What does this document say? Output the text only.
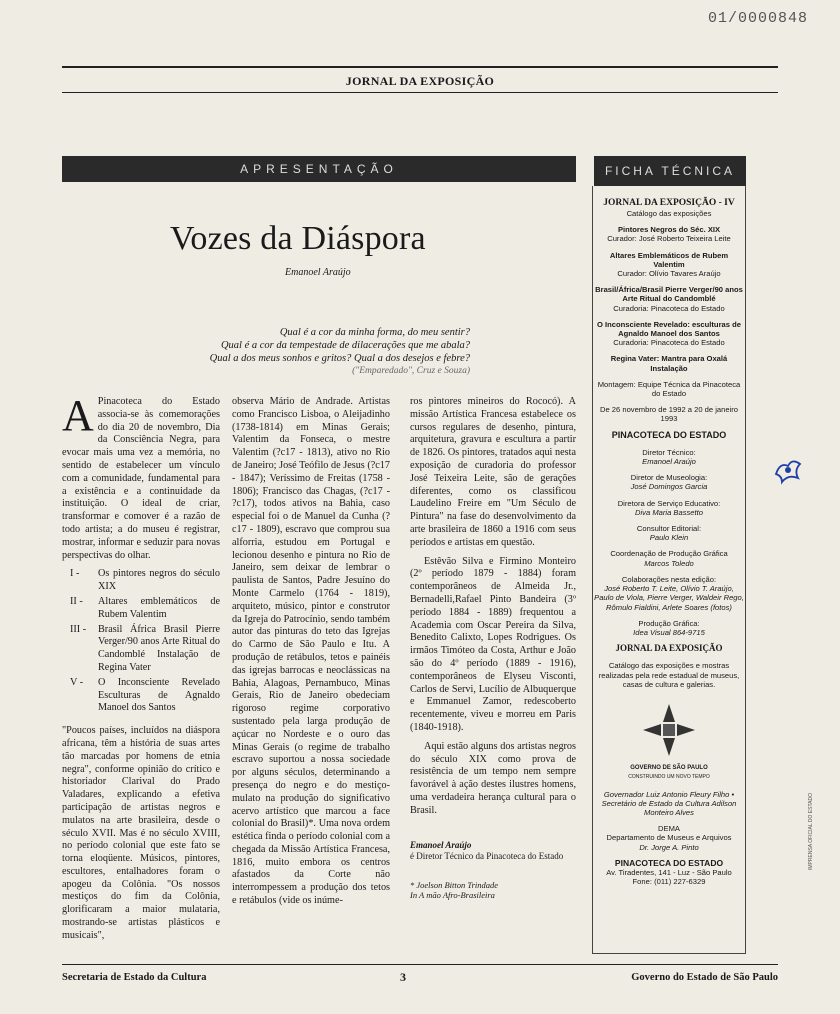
01/0000848
JORNAL DA EXPOSIÇÃO
APRESENTAÇÃO	FICHA TÉCNICA
Vozes da Diáspora
Emanoel Araújo
Qual é a cor da minha forma, do meu sentir?
Qual é a cor da tempestade de dilacerações que me abala?
Qual a dos meus sonhos e gritos? Qual a dos desejos e febre?
("Emparedado", Cruz e Souza)

A Pinacoteca do Estado associa-se às comemorações do dia 20 de novembro, Dia da Consciência Negra, para evocar mais uma vez a memória, no sentido de estabelecer um vínculo com a comunidade, fundamental para a existência e a continuidade da instituição. O ideal de criar, transformar e comover é a razão de todo artista; a do museu é registrar, mostrar, informar e seduzir para novas perspectivas do olhar.

I - Os pintores negros do século XIX
II - Altares emblemáticos de Rubem Valentim
III - Brasil África Brasil Pierre Verger/90 anos Arte Ritual do Candomblé Instalação de Regina Vater
V - O Inconsciente Revelado Esculturas de Agnaldo Manoel dos Santos

"Poucos países, incluídos na diáspora africana, têm a história de suas artes tão marcadas por homens de etnia negra", conforme opinião do crítico e historiador Clarival do Prado Valadares, explicando a efetiva participação de artistas negros e mulatos na arte brasileira, desde o século XVII. Mas é no século XVIII, no período colonial que este fato se torna eloqüente. Músicos, pintores, escultores, entalhadores foram o apogeu da Colônia. "Os nossos mestiços do fim da Colônia, glorificaram a maior mulataria, mostrando-se artistas plásticos e musicais",

observa Mário de Andrade. Artistas como Francisco Lisboa, o Aleijadinho (1738-1814) em Minas Gerais; Valentim da Fonseca, o mestre Valentim (?c17 - 1813), ativo no Rio de Janeiro; José Teófilo de Jesus (?c17 - 1847); Veríssimo de Freitas (1758 - 1806); Francisco das Chagas, (?c17 - ?c17), todos ativos na Bahia, caso especial foi o de Manuel da Cunha (?c17 - 1809), escravo que comprou sua alforria, estudou em Portugal e lecionou desenho e pintura no Rio de Janeiro, sem deixar de lembrar o paulista de Santos, Padre Jesuíno do Monte Carmelo (1764 - 1819), arquiteto, músico, pintor e construtor da Igreja do Patrocínio, sendo também autor das pinturas do teto das Igrejas do Carmo de São Paulo e Itu. A produção de retábulos, tetos e painéis das igrejas barrocas e neoclássicas na Bahia, Alagoas, Pernambuco, Minas Gerais, Rio de Janeiro obedeciam rigoroso regime corporativo sustentado pela larga produção de açúcar no Nordeste e o ouro das Minas Gerais (o regime de trabalho escravo suportou a nossa sociedade por alguns séculos, determinando a presença do negro e do mestiço-mulato na produção do significativo acervo artístico que marcou a face colonial do Brasil)*. Uma nova ordem estética finda o período colonial com a chegada da Missão Artística Francesa, 1816, muito embora os centros afastados da Corte não interrompessem a produção dos tetos e retábulos (vide os inúme-

ros pintores mineiros do Rococó). A missão Artística Francesa estabelece os cursos regulares de desenho, pintura, arquitetura, gravura e escultura a partir de 1826. Os pintores, tratados aqui nesta exposição de curadoria do professor José Teixeira Leite, são de gerações diferentes, como os classificou Laudelino Freire em "Um Século de Pintura" na fase do desenvolvimento da arte brasileira de 1860 a 1916 com seus períodos e artistas em questão.

Estêvão Silva e Firmino Monteiro (2º período 1879 - 1884) foram contemporâneos de Almeida Jr., Bernadelli,Rafael Pinto Bandeira (3º período 1884 - 1889) frequentou a Academia com Oscar Pereira da Silva, Benedito Calixto, Lopes Rodrigues. Os irmãos Timóteo da Costa, Arthur e João são do 4º período (1889 - 1916), contemporâneos de Elyseu Visconti, Carlos de Servi, Lucílio de Albuquerque e Emmanuel Zamor, redescoberto recentemente, viveu e morreu em Paris (1840-1918).

Aqui estão alguns dos artistas negros do século XIX como prova de resistência de um tempo nem sempre favorável à ação destes ilustres homens, uma verdadeira herança cultural para o Brasil.

Emanoel Araújo
é Diretor Técnico da Pinacoteca do Estado
* Joelson Bitton Trindade
In A mão Afro-Brasileira
JORNAL DA EXPOSIÇÃO - IV
Catálogo das exposições
Pintores Negros do Séc. XIX
Curador: José Roberto Teixeira Leite
Altares Emblemáticos de Rubem Valentim
Curador: Olívio Tavares Araújo
Brasil/África/Brasil Pierre Verger/90 anos Arte Ritual do Candomblé
Curadoria: Pinacoteca do Estado
O Inconsciente Revelado: esculturas de Agnaldo Manoel dos Santos
Curadoria: Pinacoteca do Estado
Regina Vater: Mantra para Oxalá Instalação
Montagem: Equipe Técnica da Pinacoteca do Estado
De 26 novembro de 1992 a 20 de janeiro 1993
PINACOTECA DO ESTADO
Diretor Técnico:
Emanoel Araújo
Diretor de Museologia:
José Domingos Garcia
Diretora de Serviço Educativo:
Diva Maria Bassetto
Consultor Editorial:
Paulo Klein
Coordenação de Produção Gráfica
Marcos Toledo
Colaborações nesta edição:
José Roberto T. Leite, Olívio T. Araújo, Paulo de Viola, Pierre Verger, Waldeir Rego, Rômulo Fialdini, Arlete Soares (fotos)
Produção Gráfica:
Idea Visual 864-9715
JORNAL DA EXPOSIÇÃO
Catálogo das exposições e mostras realizadas pela rede estadual de museus, casas de cultura e galerias.
GOVERNO DE SÃO PAULO
CONSTRUINDO UM NOVO TEMPO
Governador Luiz Antonio Fleury Filho • Secretário de Estado da Cultura Adilson Monteiro Alves
DEMA
Departamento de Museus e Arquivos
Dr. Jorge A. Pinto
PINACOTECA DO ESTADO
Av. Tiradentes, 141 - Luz - São Paulo
Fone: (011) 227-6329
IMPRENSA OFICIAL DO ESTADO
Secretaria de Estado da Cultura	3	Governo do Estado de São Paulo
